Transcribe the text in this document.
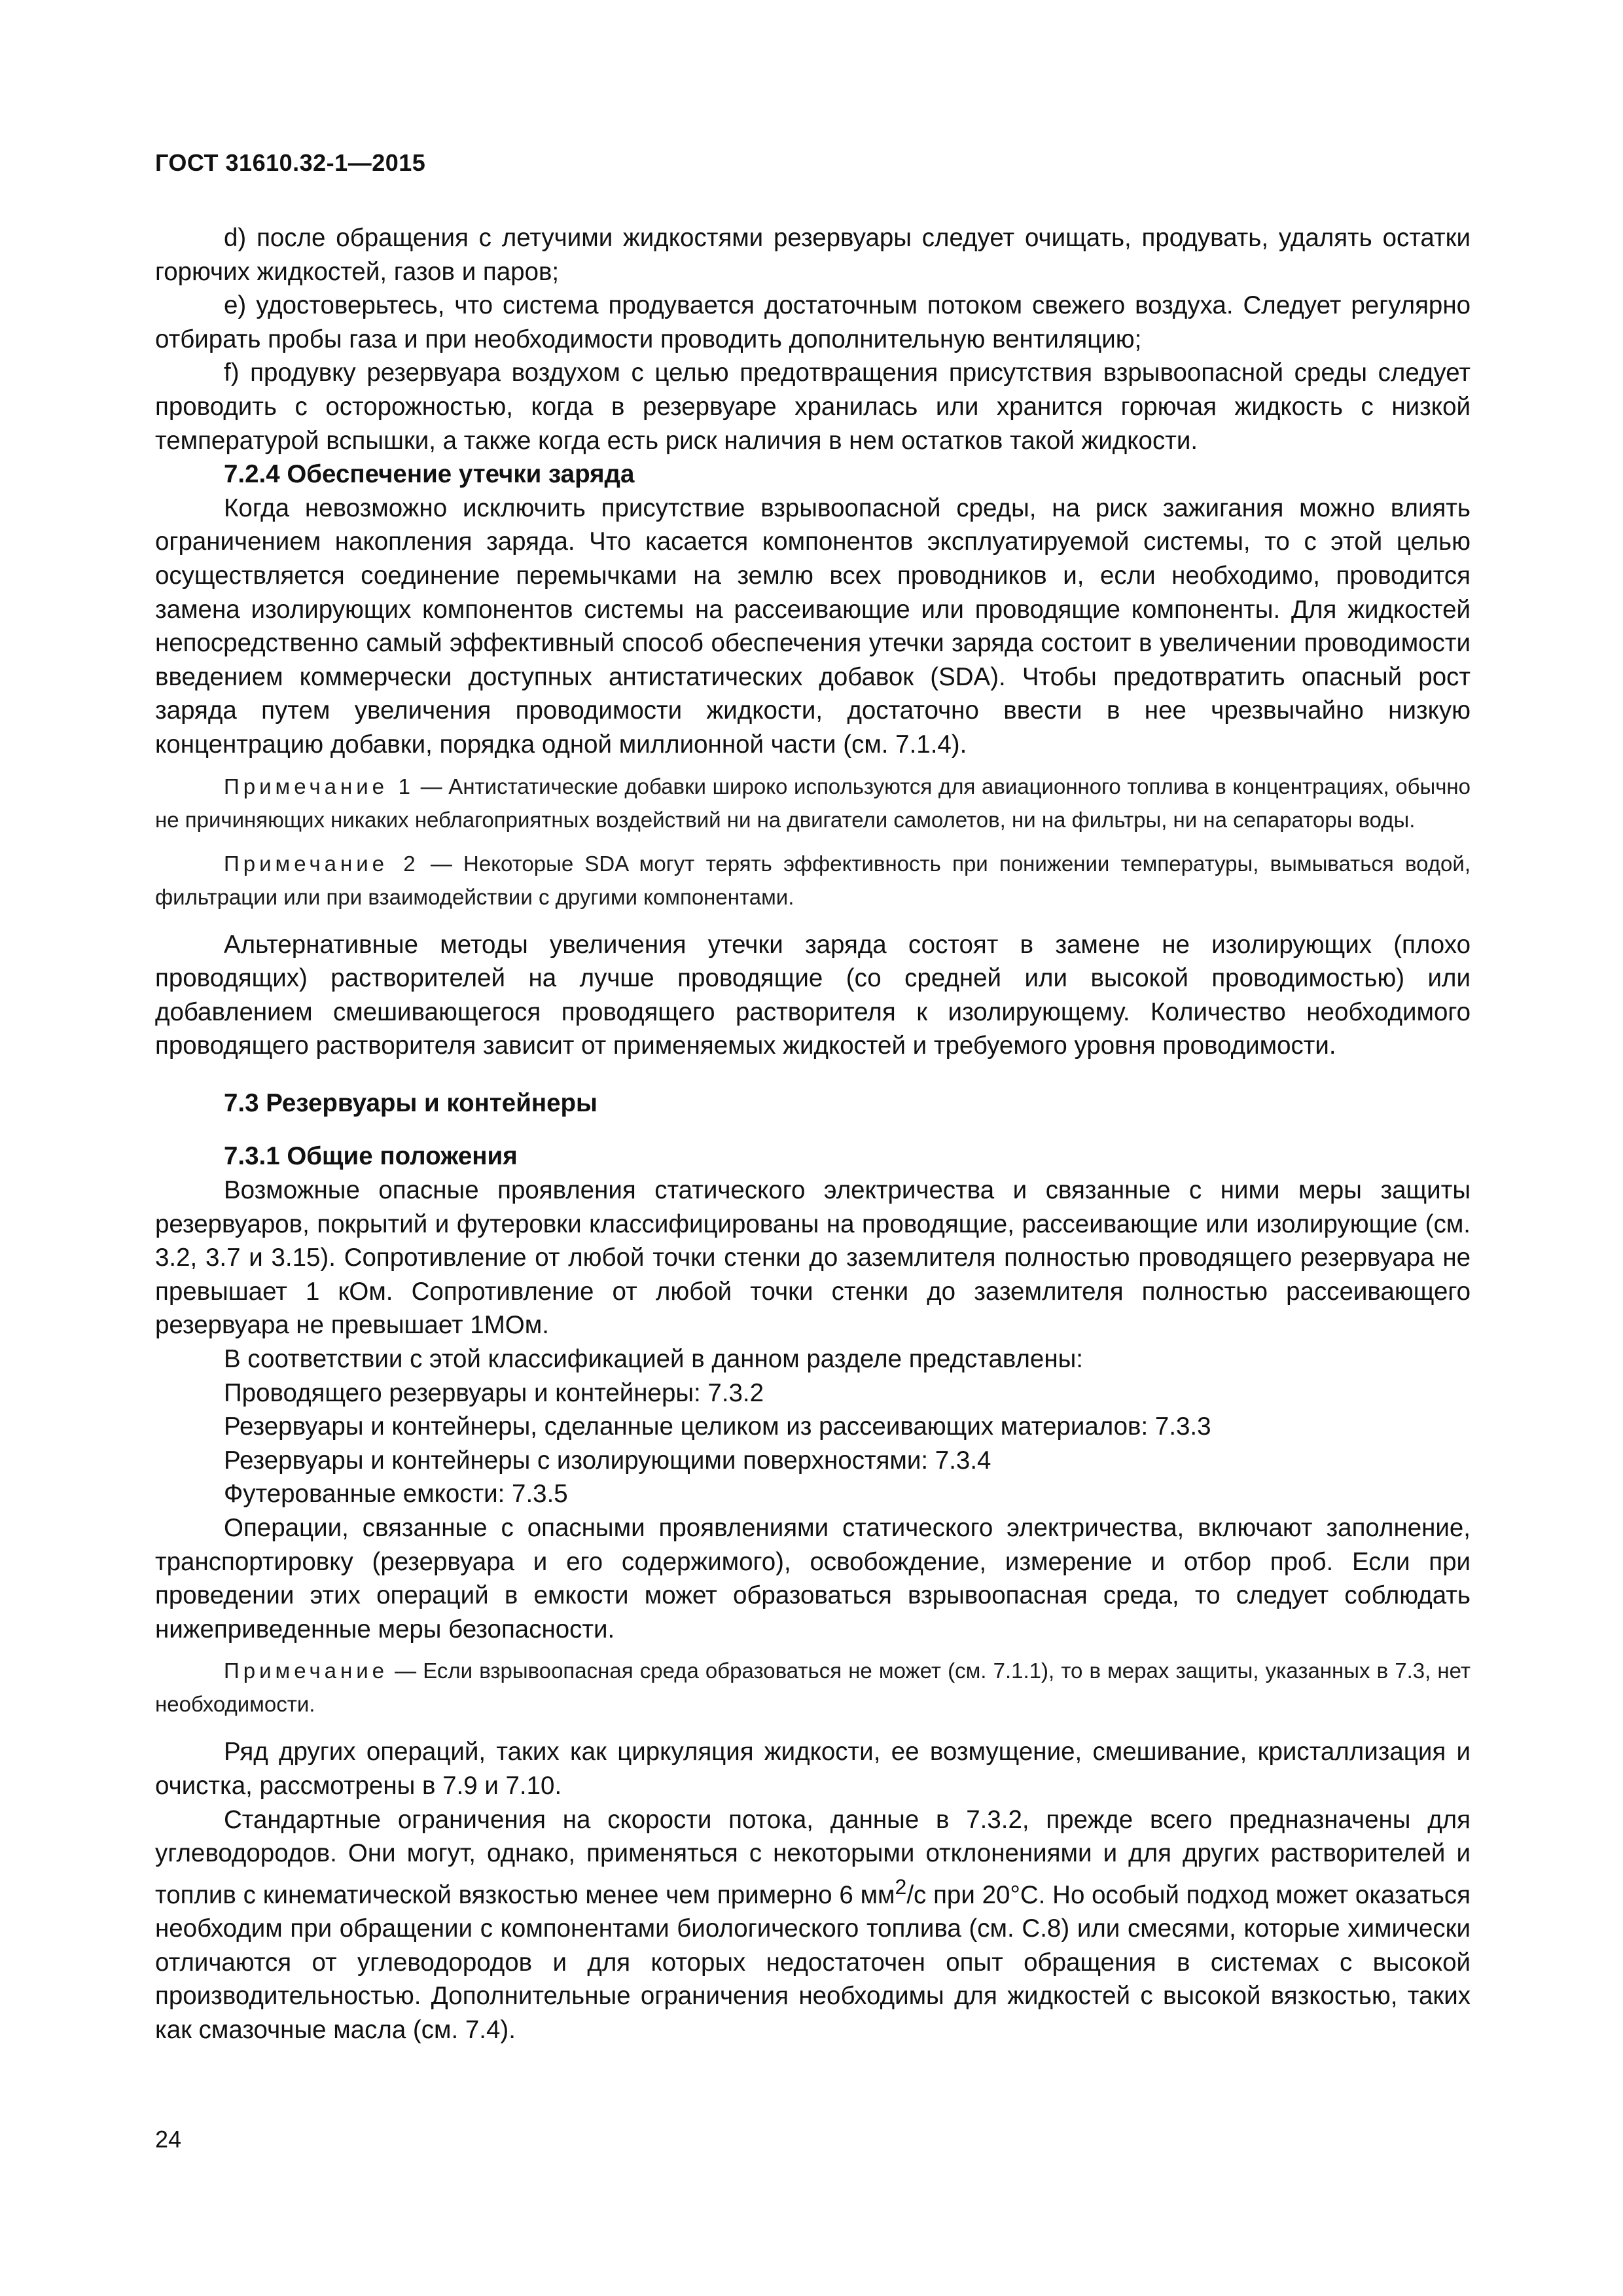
ГОСТ 31610.32-1—2015

d) после обращения с летучими жидкостями резервуары следует очищать, продувать, удалять остатки горючих жидкостей, газов и паров;

e) удостоверьтесь, что система продувается достаточным потоком свежего воздуха. Следует регулярно отбирать пробы газа и при необходимости проводить дополнительную вентиляцию;

f) продувку резервуара воздухом с целью предотвращения присутствия взрывоопасной среды следует проводить с осторожностью, когда в резервуаре хранилась или хранится горючая жидкость с низкой температурой вспышки, а также когда есть риск наличия в нем остатков такой жидкости.

7.2.4 Обеспечение утечки заряда

Когда невозможно исключить присутствие взрывоопасной среды, на риск зажигания можно влиять ограничением накопления заряда. Что касается компонентов эксплуатируемой системы, то с этой целью осуществляется соединение перемычками на землю всех проводников и, если необходимо, проводится замена изолирующих компонентов системы на рассеивающие или проводящие компоненты. Для жидкостей непосредственно самый эффективный способ обеспечения утечки заряда состоит в увеличении проводимости введением коммерчески доступных антистатических добавок (SDA). Чтобы предотвратить опасный рост заряда путем увеличения проводимости жидкости, достаточно ввести в нее чрезвычайно низкую концентрацию добавки, порядка одной миллионной части (см. 7.1.4).

Примечание 1 — Антистатические добавки широко используются для авиационного топлива в концентрациях, обычно не причиняющих никаких неблагоприятных воздействий ни на двигатели самолетов, ни на фильтры, ни на сепараторы воды.

Примечание 2 — Некоторые SDA могут терять эффективность при понижении температуры, вымываться водой, фильтрации или при взаимодействии с другими компонентами.

Альтернативные методы увеличения утечки заряда состоят в замене не изолирующих (плохо проводящих) растворителей на лучше проводящие (со средней или высокой проводимостью) или добавлением смешивающегося проводящего растворителя к изолирующему. Количество необходимого проводящего растворителя зависит от применяемых жидкостей и требуемого уровня проводимости.

7.3 Резервуары и контейнеры

7.3.1 Общие положения

Возможные опасные проявления статического электричества и связанные с ними меры защиты резервуаров, покрытий и футеровки классифицированы на проводящие, рассеивающие или изолирующие (см. 3.2, 3.7 и 3.15). Сопротивление от любой точки стенки до заземлителя полностью проводящего резервуара не превышает 1 кОм. Сопротивление от любой точки стенки до заземлителя полностью рассеивающего резервуара не превышает 1МОм.

В соответствии с этой классификацией в данном разделе представлены:

Проводящего резервуары и контейнеры: 7.3.2

Резервуары и контейнеры, сделанные целиком из рассеивающих материалов: 7.3.3

Резервуары и контейнеры с изолирующими поверхностями: 7.3.4

Футерованные емкости: 7.3.5

Операции, связанные с опасными проявлениями статического электричества, включают заполнение, транспортировку (резервуара и его содержимого), освобождение, измерение и отбор проб. Если при проведении этих операций в емкости может образоваться взрывоопасная среда, то следует соблюдать нижеприведенные меры безопасности.

Примечание — Если взрывоопасная среда образоваться не может (см. 7.1.1), то в мерах защиты, указанных в 7.3, нет необходимости.

Ряд других операций, таких как циркуляция жидкости, ее возмущение, смешивание, кристаллизация и очистка, рассмотрены в 7.9 и 7.10.

Стандартные ограничения на скорости потока, данные в 7.3.2, прежде всего предназначены для углеводородов. Они могут, однако, применяться с некоторыми отклонениями и для других растворителей и топлив с кинематической вязкостью менее чем примерно 6 $мм^2/с$ при 20°С. Но особый подход может оказаться необходим при обращении с компонентами биологического топлива (см. С.8) или смесями, которые химически отличаются от углеводородов и для которых недостаточен опыт обращения в системах с высокой производительностью. Дополнительные ограничения необходимы для жидкостей с высокой вязкостью, таких как смазочные масла (см. 7.4).

24
